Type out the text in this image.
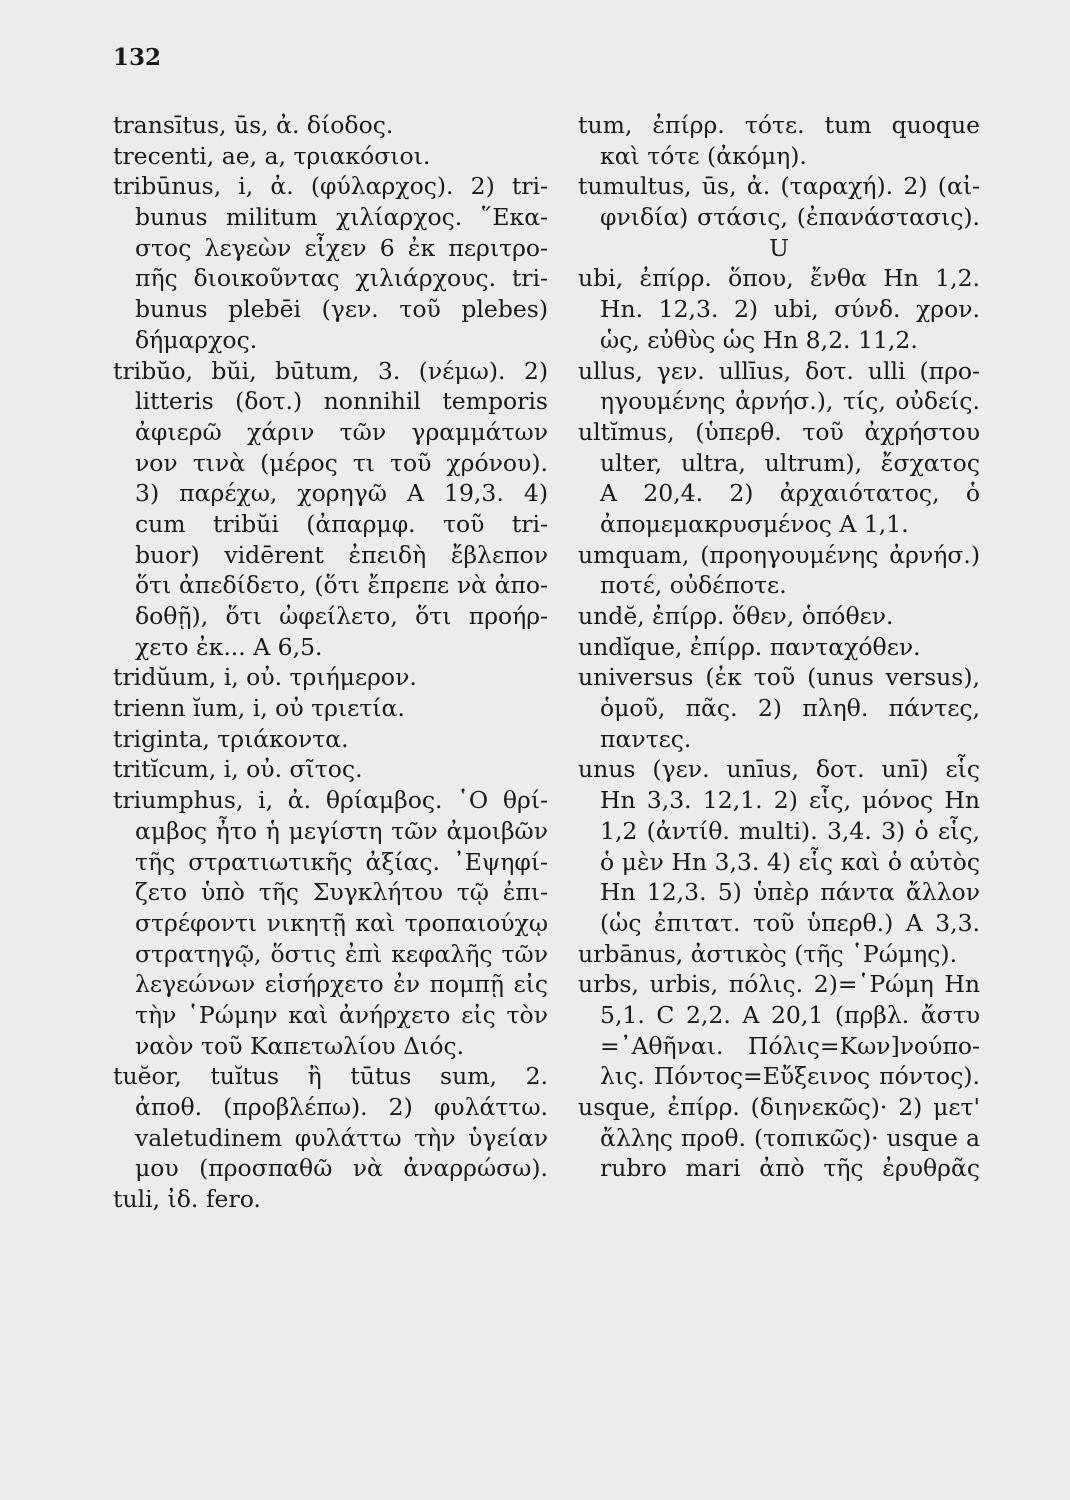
132
transītus, ūs, ἀ. δίοδος.
trecenti, ae, a, τριακόσιοι.
tribūnus, i, ἀ. (φύλαρχος). 2) tri-
bunus militum χιλίαρχος. ῞Εκα-
στος λεγεὼν εἶχεν 6 ἐκ περιτρο-
πῆς διοικοῦντας χιλιάρχους. tri-
bunus plebēi (γεν. τοῦ plebes)
δήμαρχος.
tribŭo, bŭi, būtum, 3. (νέμω). 2)
litteris (δοτ.) nonnihil temporis
ἀφιερῶ χάριν τῶν γραμμάτων
νον τινὰ (μέρος τι τοῦ χρόνου).
3) παρέχω, χορηγῶ A 19,3. 4)
cum tribŭi (ἀπαρμφ. τοῦ tri-
buor) vidērent ἐπειδὴ ἔβλεπον
ὅτι ἀπεδίδετο, (ὅτι ἔπρεπε νὰ ἀπο-
δοθῇ), ὅτι ὠφείλετο, ὅτι προήρ-
χετο ἐκ... A 6,5.
tridŭum, i, οὐ. τριήμερον.
trienn ĭum, i, οὐ τριετία.
triginta, τριάκοντα.
tritĭcum, i, οὐ. σῖτος.
triumphus, i, ἀ. θρίαμβος. ῾Ο θρί-
αμβος ἦτο ἡ μεγίστη τῶν ἀμοιβῶν
τῆς στρατιωτικῆς ἀξίας. ᾿Εψηφί-
ζετο ὑπὸ τῆς Συγκλήτου τῷ ἐπι-
στρέφοντι νικητῇ καὶ τροπαιούχῳ
στρατηγῷ, ὅστις ἐπὶ κεφαλῆς τῶν
λεγεώνων εἰσήρχετο ἐν πομπῇ εἰς
τὴν ῾Ρώμην καὶ ἀνήρχετο εἰς τὸν
ναὸν τοῦ Καπετωλίου Διός.
tuĕor, tuĭtus ἢ tūtus sum, 2.
ἀποθ. (προβλέπω). 2) φυλάττω.
valetudinem φυλάττω τὴν ὑγείαν
μου (προσπαθῶ νὰ ἀναρρώσω).
tuli, ἰδ. fero.
tum, ἐπίρρ. τότε. tum quoque
καὶ τότε (ἀκόμη).
tumultus, ūs, ἀ. (ταραχή). 2) (αἰ-
φνιδία) στάσις, (ἐπανάστασις).
U
ubi, ἐπίρρ. ὅπου, ἔνθα Hn 1,2.
Hn. 12,3. 2) ubi, σύνδ. χρον.
ὡς, εὐθὺς ὡς Hn 8,2. 11,2.
ullus, γεν. ullīus, δοτ. ulli (προ-
ηγουμένης ἀρνήσ.), τίς, οὐδείς.
ultĭmus, (ὑπερθ. τοῦ ἀχρήστου
ulter, ultra, ultrum), ἔσχατος
A 20,4. 2) ἀρχαιότατος, ὁ
ἀπομεμακρυσμένος A 1,1.
umquam, (προηγουμένης ἀρνήσ.)
ποτέ, οὐδέποτε.
undĕ, ἐπίρρ. ὅθεν, ὁπόθεν.
undĭque, ἐπίρρ. πανταχόθεν.
universus (ἐκ τοῦ (unus versus),
ὁμοῦ, πᾶς. 2) πληθ. πάντες,
παντες.
unus (γεν. unīus, δοτ. unī) εἷς
Hn 3,3. 12,1. 2) εἷς, μόνος Hn
1,2 (ἀντίθ. multi). 3,4. 3) ὁ εἷς,
ὁ μὲν Hn 3,3. 4) εἷς καὶ ὁ αὐτὸς
Hn 12,3. 5) ὑπὲρ πάντα ἄλλον
(ὡς ἐπιτατ. τοῦ ὑπερθ.) A 3,3.
urbānus, ἀστικὸς (τῆς ῾Ρώμης).
urbs, urbis, πόλις. 2)=῾Ρώμη Hn
5,1. C 2,2. A 20,1 (πρβλ. ἄστυ
=᾿Αθῆναι. Πόλις=Κων]νούπο-
λις. Πόντος=Εὔξεινος πόντος).
usque, ἐπίρρ. (διηνεκῶς)· 2) μετ'
ἄλλης προθ. (τοπικῶς)· usque a
rubro mari ἀπὸ τῆς ἐρυθρᾶς
